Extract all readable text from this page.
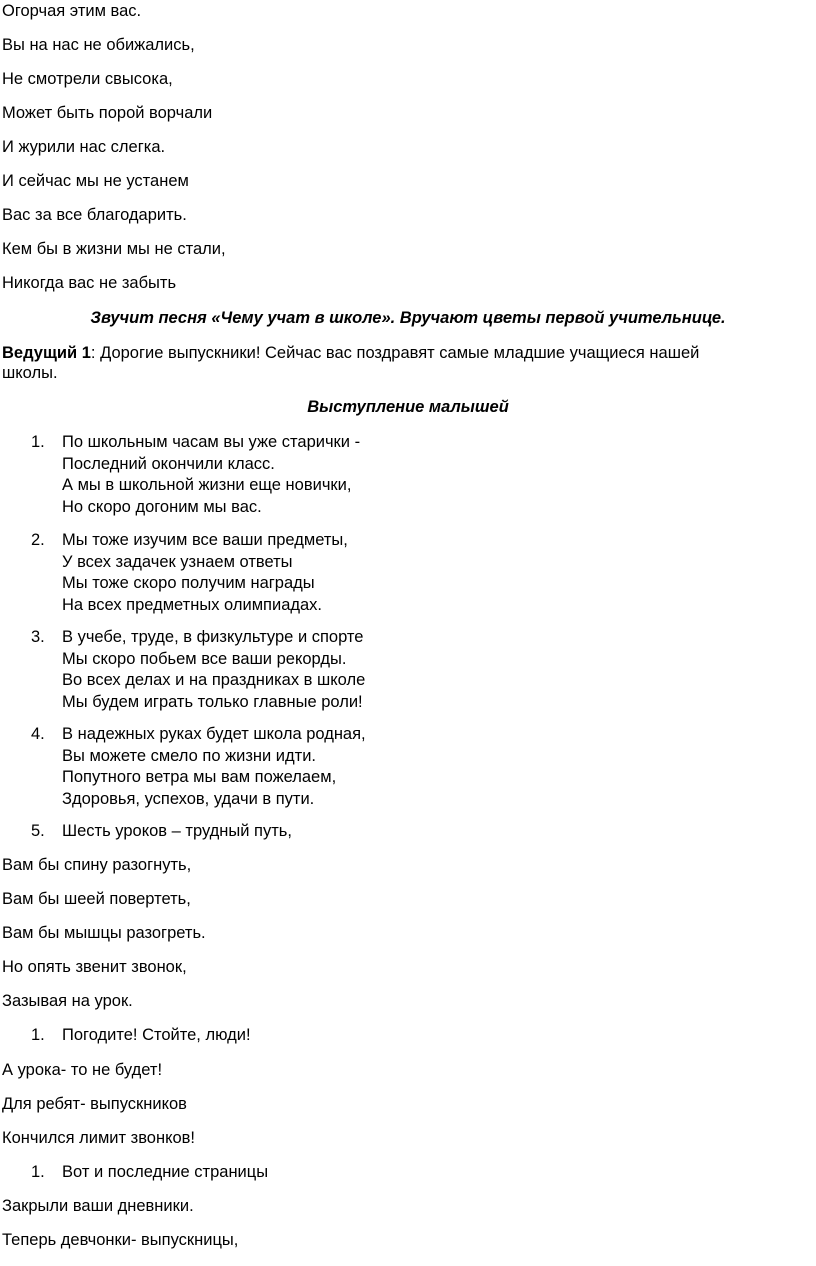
Огорчая этим вас.
Вы на нас не обижались,
Не смотрели свысока,
Может быть порой ворчали
И журили нас слегка.
И сейчас мы не устанем
Вас за все благодарить.
Кем бы в жизни мы не стали,
Никогда вас не забыть
Звучит песня «Чему учат в школе». Вручают цветы первой учительнице.
Ведущий 1: Дорогие выпускники! Сейчас вас поздравят самые младшие учащиеся нашей
школы.
Выступление малышей
1. По школьным часам вы уже старички -
Последний окончили класс.
А мы в школьной жизни еще новички,
Но скоро догоним мы вас.
2. Мы тоже изучим все ваши предметы,
У всех задачек узнаем ответы
Мы тоже скоро получим награды
На всех предметных олимпиадах.
3. В учебе, труде, в физкультуре и спорте
Мы скоро побьем все ваши рекорды.
Во всех делах и на праздниках в школе
Мы будем играть только главные роли!
4. В надежных руках будет школа родная,
Вы можете смело по жизни идти.
Попутного ветра мы вам пожелаем,
Здоровья, успехов, удачи в пути.
5. Шесть уроков – трудный путь,
Вам бы спину разогнуть,
Вам бы шеей повертеть,
Вам бы мышцы разогреть.
Но опять звенит звонок,
Зазывая на урок.
1. Погодите! Стойте, люди!
А урока- то не будет!
Для ребят- выпускников
Кончился лимит звонков!
1. Вот и последние страницы
Закрыли ваши дневники.
Теперь девчонки- выпускницы,
